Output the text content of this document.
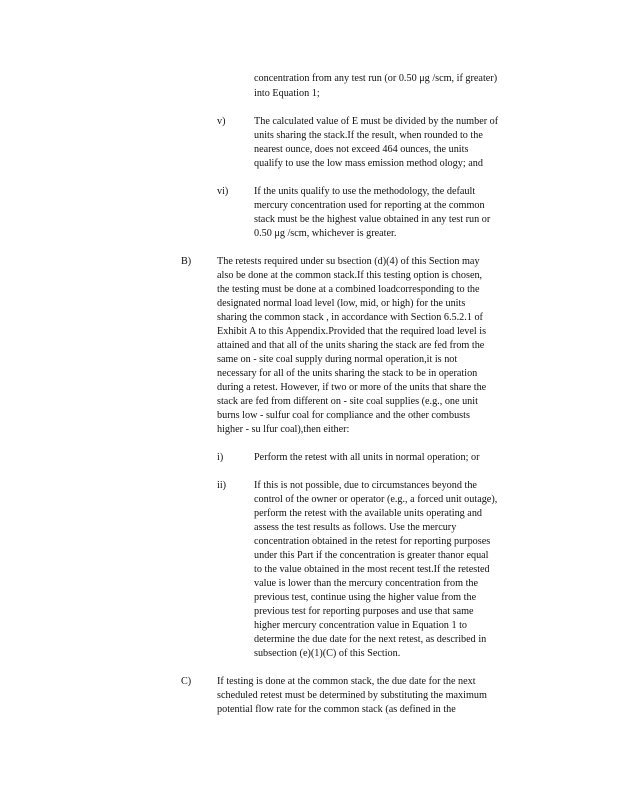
concentration from any test run (or 0.50 μg /scm, if greater)
into Equation 1;
v)	The calculated value of E must be divided by the number of
units sharing the stack.If the result, when rounded to the
nearest ounce, does not exceed 464 ounces, the units
qualify to use the low mass emission method ology; and
vi)	If the units qualify to use the methodology, the default
mercury concentration used for reporting at the common
stack must be the highest value obtained in any test run or
0.50 μg /scm, whichever is greater.
B)	The retests required under su bsection (d)(4) of this Section may
also be done at the common stack.If this testing option is chosen,
the testing must be done at a combined loadcorresponding to the
designated normal load level (low, mid, or high) for the units
sharing the common stack , in accordance with Section 6.5.2.1 of
Exhibit A to this Appendix.Provided that the required load level is
attained and that all of the units sharing the stack are fed from the
same on - site coal supply during normal operation,it is not
necessary for all of the units sharing the stack to be in operation
during a retest. However, if two or more of the units that share the
stack are fed from different on - site coal supplies (e.g., one unit
burns low - sulfur coal for compliance and the other combusts
higher - su lfur coal),then either:
i)	Perform the retest with all units in normal operation; or
ii)	If this is not possible, due to circumstances beyond the
control of the owner or operator (e.g., a forced unit outage),
perform the retest with the available units operating and
assess the test results as follows. Use the mercury
concentration obtained in the retest for reporting purposes
under this Part if the concentration is greater thanor equal
to the value obtained in the most recent test.If the retested
value is lower than the mercury concentration from the
previous test, continue using the higher value from the
previous test for reporting purposes and use that same
higher mercury concentration value in Equation 1 to
determine the due date for the next retest, as described in
subsection (e)(1)(C) of this Section.
C)	If testing is done at the common stack, the due date for the next
scheduled retest must be determined by substituting the maximum
potential flow rate for the common stack (as defined in the
